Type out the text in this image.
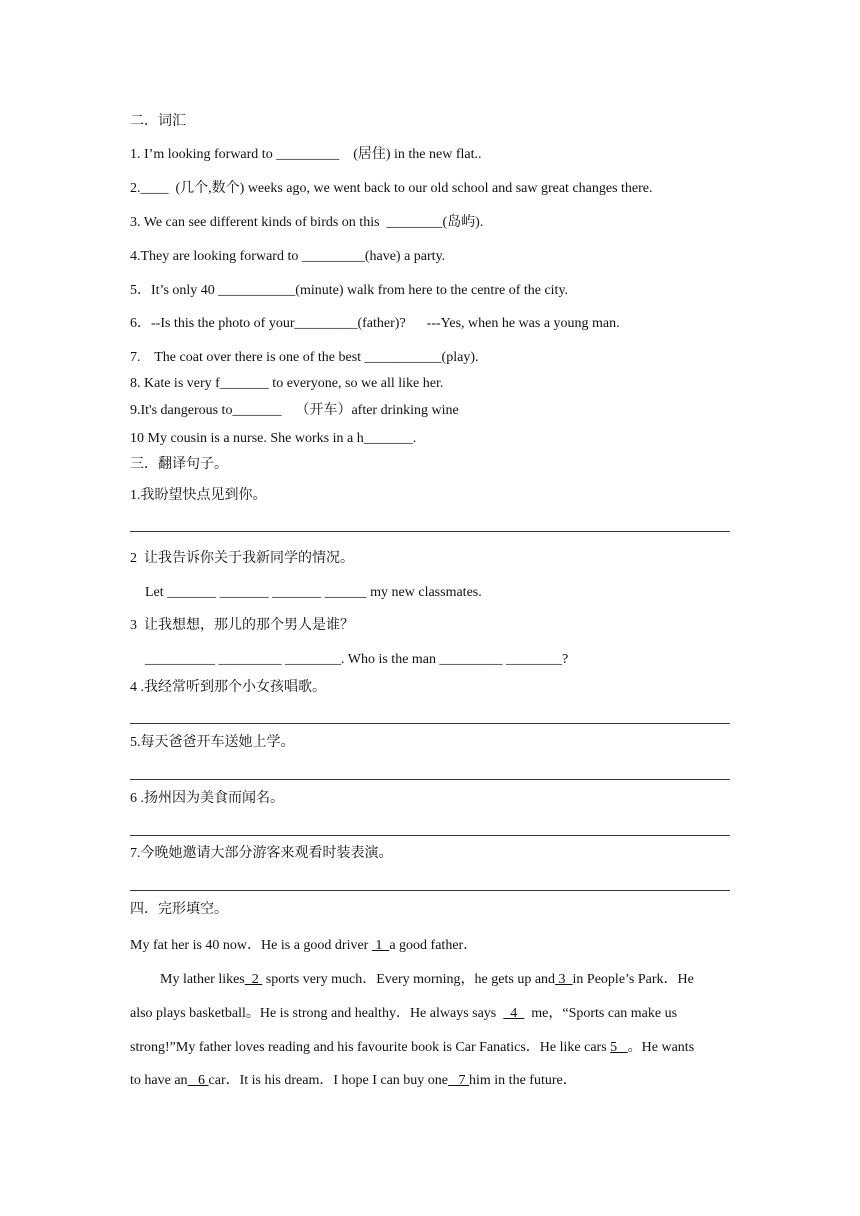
二．词汇
1. I’m looking forward to _________    (居住) in the new flat..
2.____  (几个,数个) weeks ago, we went back to our old school and saw great changes there.
3. We can see different kinds of birds on this  ________(岛屿).
4.They are looking forward to _________(have) a party.
5．It’s only 40 ___________(minute) walk from here to the centre of the city.
6．--Is this the photo of your_________(father)?      ---Yes, when he was a young man.
7.    The coat over there is one of the best ___________(play).
8. Kate is very f_______ to everyone, so we all like her.
9.It's dangerous to_______    （开车）after drinking wine
10 My cousin is a nurse. She works in a h_______.
三．翻译句子。
1.我盼望快点见到你。
2  让我告诉你关于我新同学的情况。
Let _______ _______ _______ ______ my new classmates.
3  让我想想，那儿的那个男人是谁？
__________ _________ ________. Who is the man _________ ________?
4 .我经常听到那个小女孩唱歌。
5.每天爸爸开车送她上学。
6 .扬州因为美食而闻名。
7.今晚她邀请大部分游客来观看时装表演。
四．完形填空。
My fat her is 40 now．He is a good driver  1  a good father．
My lather likes  2  sports very much．Every morning，he gets up and 3  in People’s Park．He
also plays basketball。He is strong and healthy．He always says    4    me，“Sports can make us
strong!”My father loves reading and his favourite book is Car Fanatics．He like cars 5   。He wants
to have an   6 car．It is his dream．I hope I can buy one   7 him in the future．
